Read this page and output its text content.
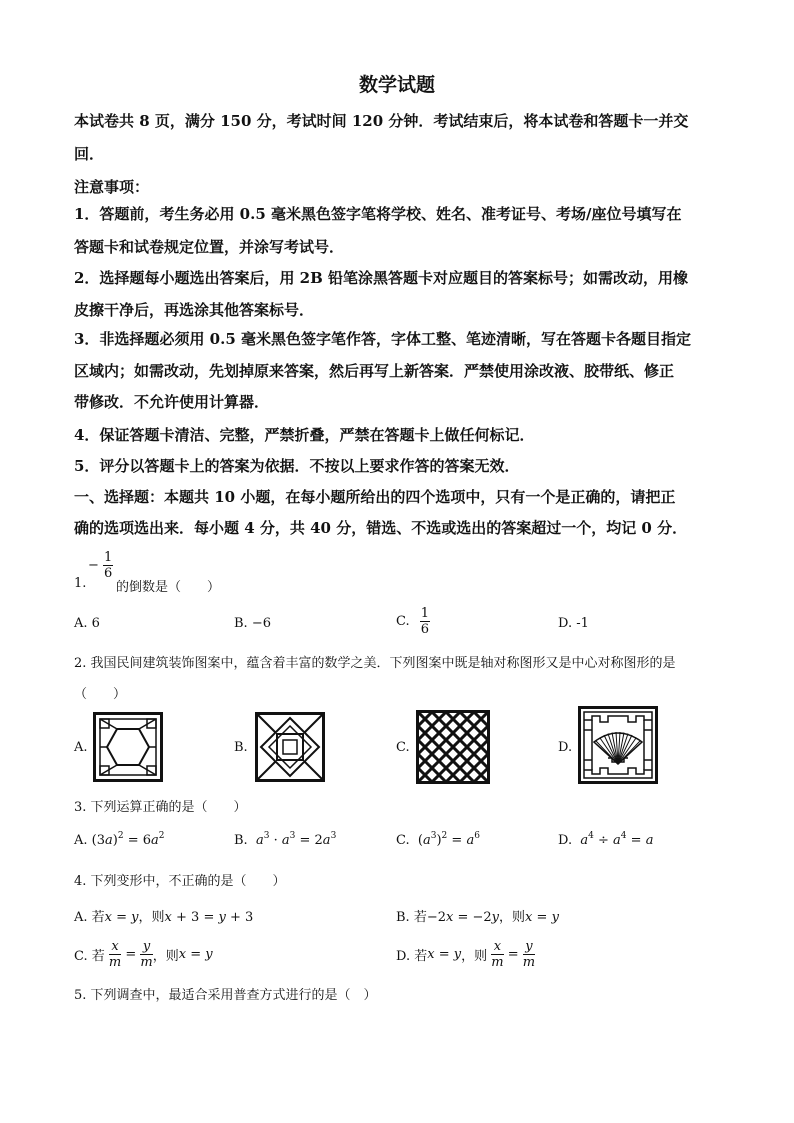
数学试题
本试卷共 8 页，满分 150 分，考试时间 120 分钟．考试结束后，将本试卷和答题卡一并交
回．
注意事项：
1．答题前，考生务必用 0.5 毫米黑色签字笔将学校、姓名、准考证号、考场/座位号填写在
答题卡和试卷规定位置，并涂写考试号．
2．选择题每小题选出答案后，用 2B 铅笔涂黑答题卡对应题目的答案标号；如需改动，用橡
皮擦干净后，再选涂其他答案标号．
3．非选择题必须用 0.5 毫米黑色签字笔作答，字体工整、笔迹清晰，写在答题卡各题目指定
区域内；如需改动，先划掉原来答案，然后再写上新答案．严禁使用涂改液、胶带纸、修正
带修改．不允许使用计算器．
4．保证答题卡清洁、完整，严禁折叠，严禁在答题卡上做任何标记．
5．评分以答题卡上的答案为依据．不按以上要求作答的答案无效．
一、选择题：本题共 10 小题，在每小题所给出的四个选项中，只有一个是正确的，请把正
确的选项选出来．每小题 4 分，共 40 分，错选、不选或选出的答案超过一个，均记 0 分．
1.
− $\frac{1}{6}$
的倒数是（　　）
A. 6	B. −6	C. $\frac{1}{6}$	D. -1
2. 我国民间建筑装饰图案中，蕴含着丰富的数学之美．下列图案中既是轴对称图形又是中心对称图形的是
（　　）
A.	B.	C.	D.
3. 下列运算正确的是（　　）
A. $(3a)^2 = 6a^2$	B. $a^3 \cdot a^3 = 2a^3$	C.  $(a^3)^2 = a^6$	D. $a^4 \div a^4 = a$
4. 下列变形中，不正确的是（　　）
A. 若x = y，则x + 3 = y + 3	B. 若−2x = −2y，则x = y
C. 若 $\frac{x}{m} = \frac{y}{m}$ ，则x = y	D. 若x = y，则 $\frac{x}{m} = \frac{y}{m}$
5. 下列调查中，最适合采用普查方式进行的是（　）
